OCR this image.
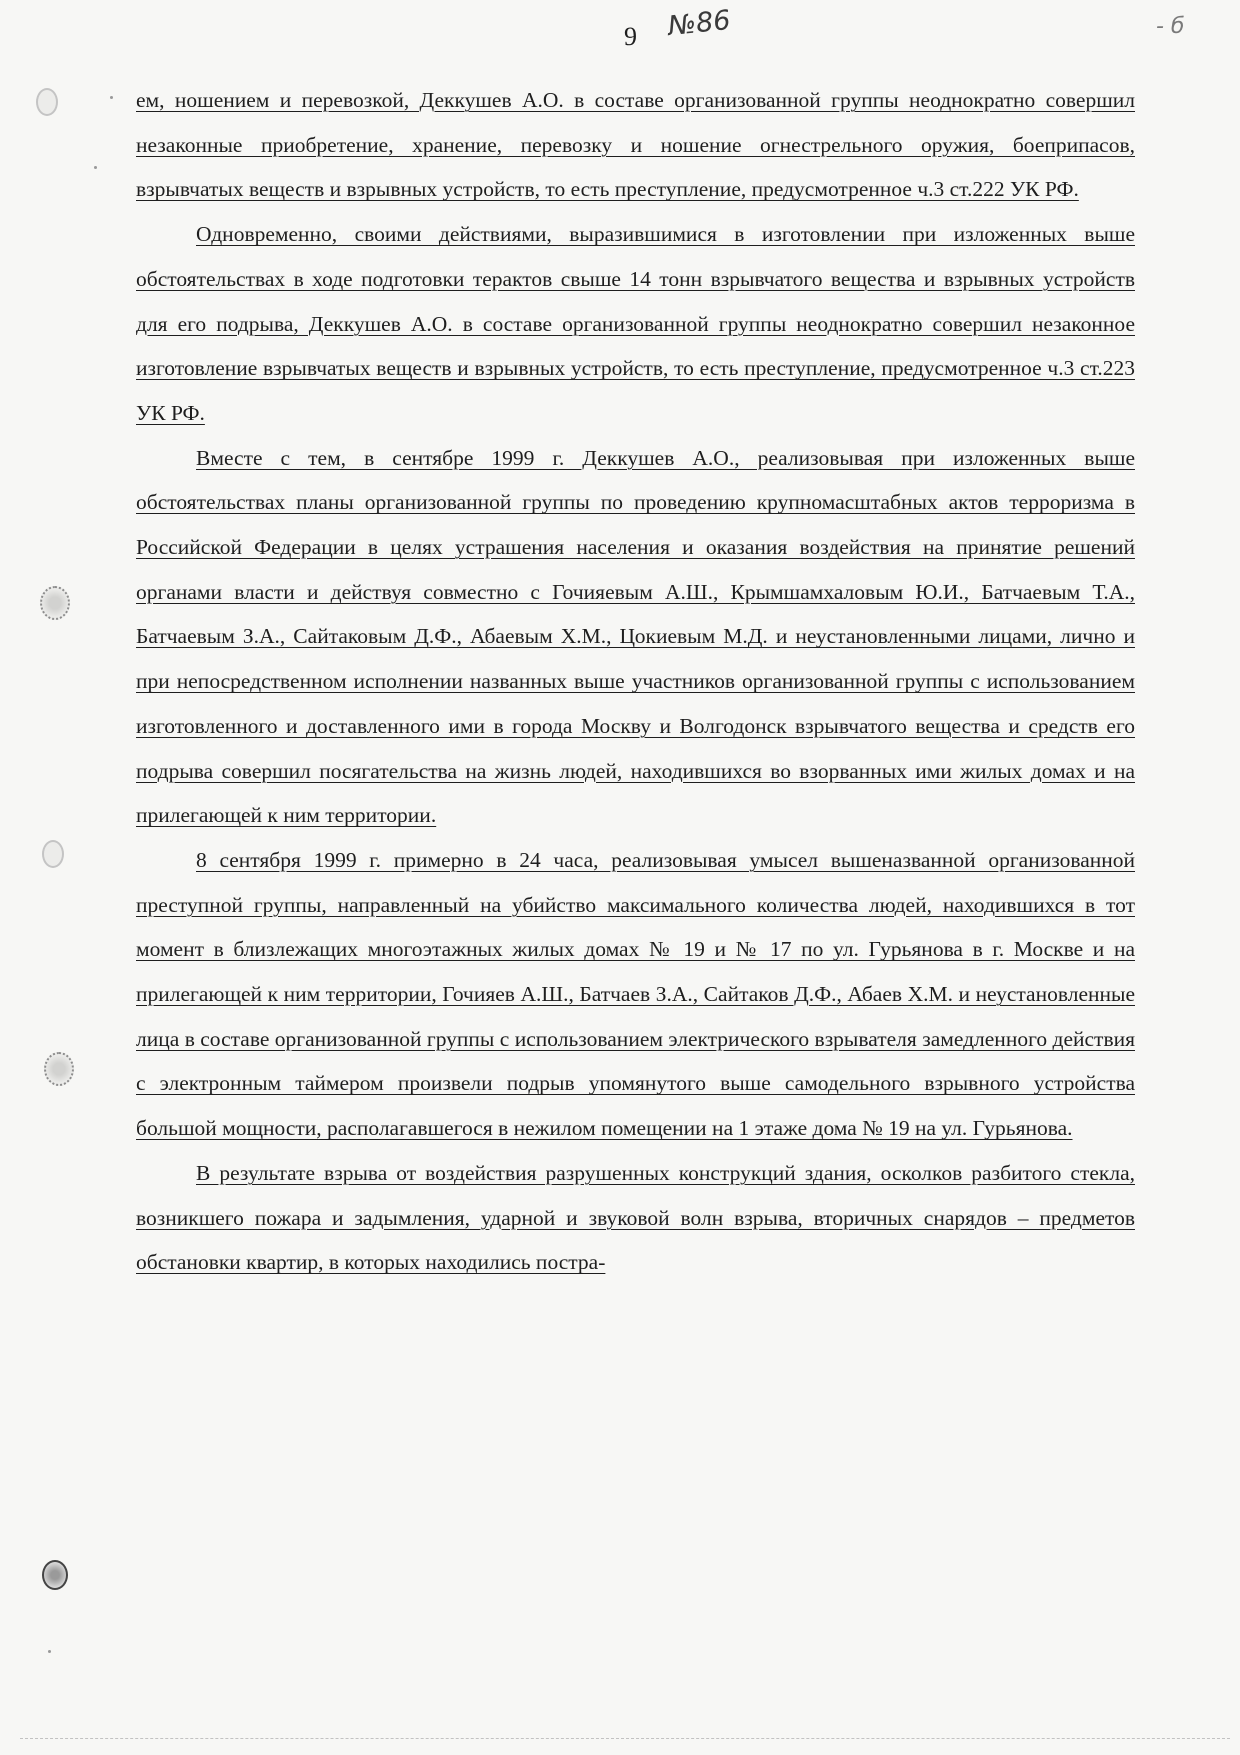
9 №86	- б

ем, ношением и перевозкой, Деккушев А.О. в составе организованной группы неоднократно совершил незаконные приобретение, хранение, перевозку и ношение огнестрельного оружия, боеприпасов, взрывчатых веществ и взрывных устройств, то есть преступление, предусмотренное ч.3 ст.222 УК РФ.

Одновременно, своими действиями, выразившимися в изготовлении при изложенных выше обстоятельствах в ходе подготовки терактов свыше 14 тонн взрывчатого вещества и взрывных устройств для его подрыва, Деккушев А.О. в составе организованной группы неоднократно совершил незаконное изготовление взрывчатых веществ и взрывных устройств, то есть преступление, предусмотренное ч.3 ст.223 УК РФ.

Вместе с тем, в сентябре 1999 г. Деккушев А.О., реализовывая при изложенных выше обстоятельствах планы организованной группы по проведению крупномасштабных актов терроризма в Российской Федерации в целях устрашения населения и оказания воздействия на принятие решений органами власти и действуя совместно с Гочияевым А.Ш., Крымшамхаловым Ю.И., Батчаевым Т.А., Батчаевым З.А., Сайтаковым Д.Ф., Абаевым Х.М., Цокиевым М.Д. и неустановленными лицами, лично и при непосредственном исполнении названных выше участников организованной группы с использованием изготовленного и доставленного ими в города Москву и Волгодонск взрывчатого вещества и средств его подрыва совершил посягательства на жизнь людей, находившихся во взорванных ими жилых домах и на прилегающей к ним территории.

8 сентября 1999 г. примерно в 24 часа, реализовывая умысел вышеназванной организованной преступной группы, направленный на убийство максимального количества людей, находившихся в тот момент в близлежащих многоэтажных жилых домах № 19 и № 17 по ул. Гурьянова в г. Москве и на прилегающей к ним территории, Гочияев А.Ш., Батчаев З.А., Сайтаков Д.Ф., Абаев Х.М. и неустановленные лица в составе организованной группы с использованием электрического взрывателя замедленного действия с электронным таймером произвели подрыв упомянутого выше самодельного взрывного устройства большой мощности, располагавшегося в нежилом помещении на 1 этаже дома № 19 на ул. Гурьянова.

В результате взрыва от воздействия разрушенных конструкций здания, осколков разбитого стекла, возникшего пожара и задымления, ударной и звуковой волн взрыва, вторичных снарядов – предметов обстановки квартир, в которых находились постра-
